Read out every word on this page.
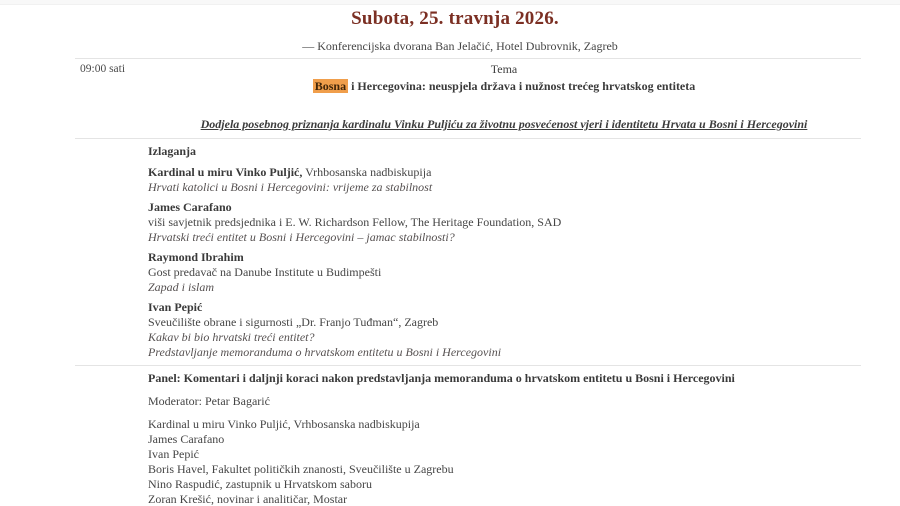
Subota, 25. travnja 2026.
— Konferencijska dvorana Ban Jelačić, Hotel Dubrovnik, Zagreb
09:00 sati	Tema
Bosna i Hercegovina: neuspjela država i nužnost trećeg hrvatskog entiteta
Dodjela posebnog priznanja kardinalu Vinku Puljiću za životnu posvećenost vjeri i identitetu Hrvata u Bosni i Hercegovini
Izlaganja
Kardinal u miru Vinko Puljić, Vrhbosanska nadbiskupija
Hrvati katolici u Bosni i Hercegovini: vrijeme za stabilnost
James Carafano
viši savjetnik predsjednika i E. W. Richardson Fellow, The Heritage Foundation, SAD
Hrvatski treći entitet u Bosni i Hercegovini – jamac stabilnosti?
Raymond Ibrahim
Gost predavač na Danube Institute u Budimpešti
Zapad i islam
Ivan Pepić
Sveučilište obrane i sigurnosti „Dr. Franjo Tuđman“, Zagreb
Kakav bi bio hrvatski treći entitet?
Predstavljanje memoranduma o hrvatskom entitetu u Bosni i Hercegovini
Panel: Komentari i daljnji koraci nakon predstavljanja memoranduma o hrvatskom entitetu u Bosni i Hercegovini
Moderator: Petar Bagarić
Kardinal u miru Vinko Puljić, Vrhbosanska nadbiskupija
James Carafano
Ivan Pepić
Boris Havel, Fakultet političkih znanosti, Sveučilište u Zagrebu
Nino Raspudić, zastupnik u Hrvatskom saboru
Zoran Krešić, novinar i analitičar, Mostar
